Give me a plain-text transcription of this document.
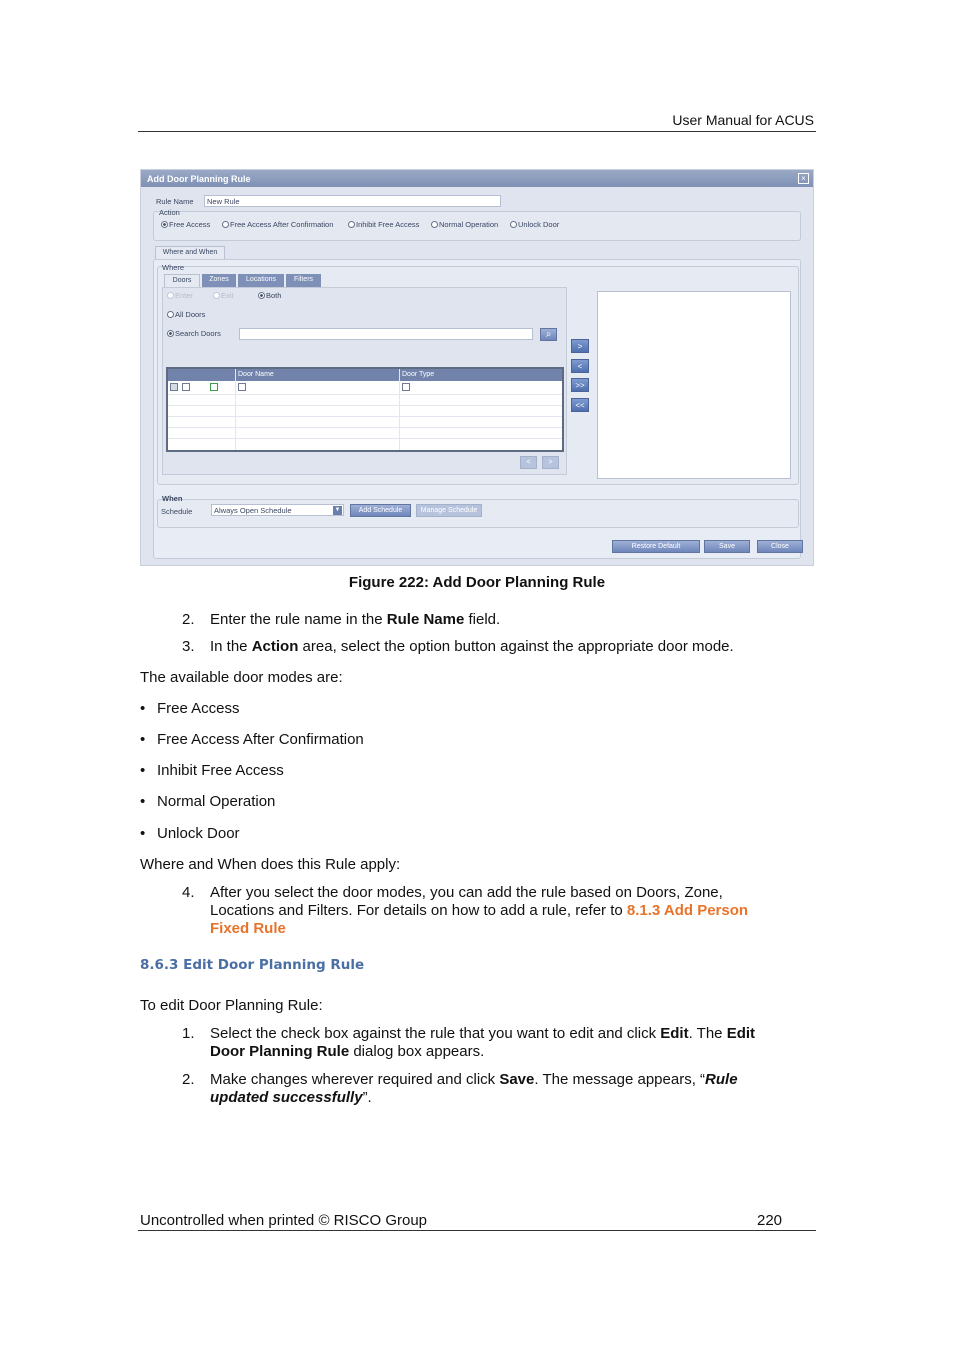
User Manual for ACUS
Add Door Planning Rule	×
Rule Name	New Rule
Action
Free Access	Free Access After Confirmation	Inhibit Free Access	Normal Operation	Unlock Door
Where and When
Where
Doors	Zones	Locations	Filters
Enter	Exit	Both
All Doors
Search Doors	⌕
Door Name	Door Type
<	>
>
<
>>
<<
When
Schedule	Always Open Schedule	▼	Add Schedule	Manage Schedule
Restore Default	Save	Close
Figure 222: Add Door Planning Rule
2. Enter the rule name in the Rule Name field.
3. In the Action area, select the option button against the appropriate door mode.
The available door modes are:
• Free Access
• Free Access After Confirmation
• Inhibit Free Access
• Normal Operation
• Unlock Door
Where and When does this Rule apply:
4. After you select the door modes, you can add the rule based on Doors, Zone, Locations and Filters. For details on how to add a rule, refer to 8.1.3 Add Person Fixed Rule
8.6.3 Edit Door Planning Rule
To edit Door Planning Rule:
1. Select the check box against the rule that you want to edit and click Edit. The Edit Door Planning Rule dialog box appears.
2. Make changes wherever required and click Save. The message appears, “Rule updated successfully”.
Uncontrolled when printed © RISCO Group	220
